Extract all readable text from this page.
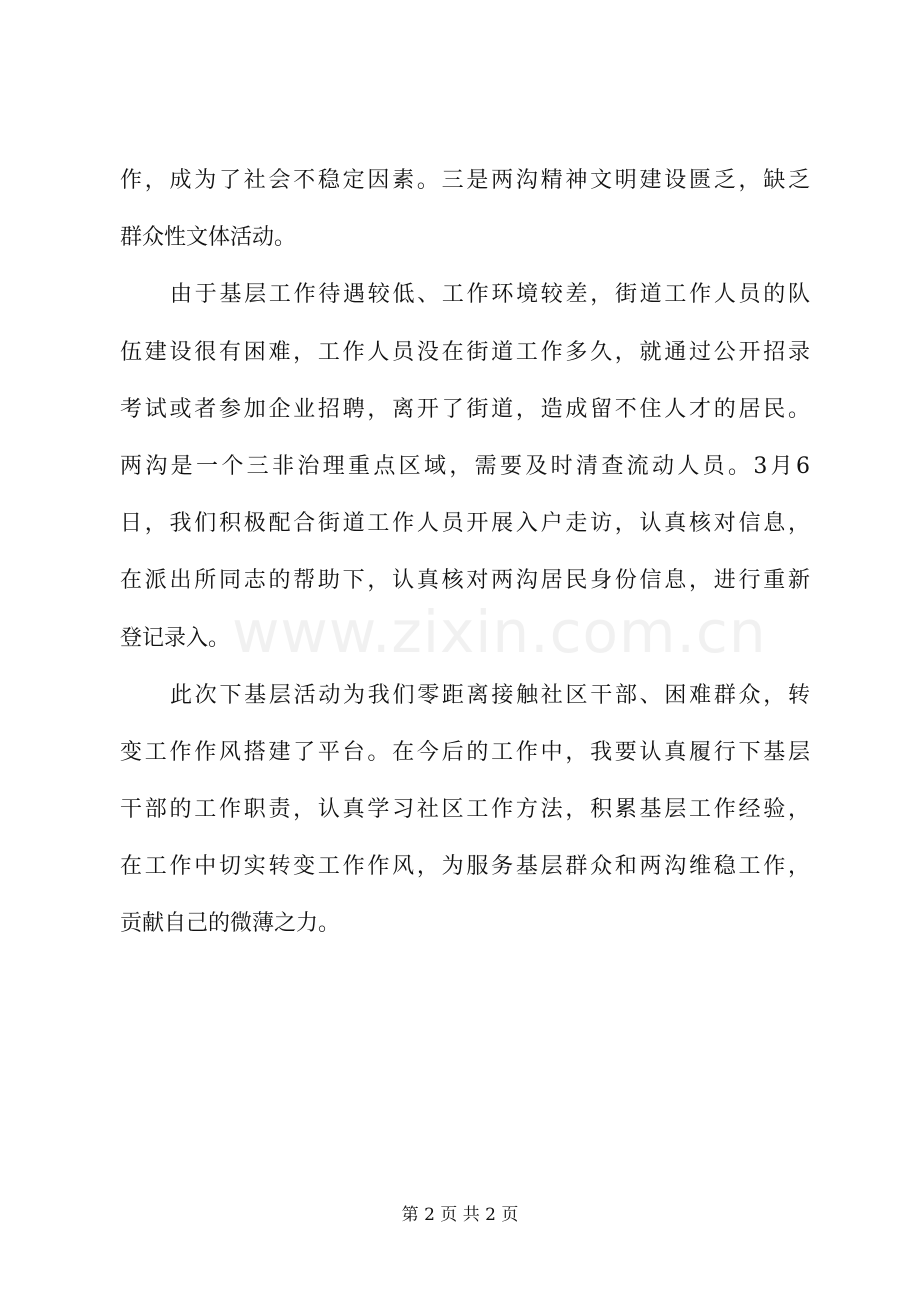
www.zixin.com.cn
作，成为了社会不稳定因素。三是两沟精神文明建设匮乏，缺乏
群众性文体活动。
由于基层工作待遇较低、工作环境较差，街道工作人员的队
伍建设很有困难，工作人员没在街道工作多久，就通过公开招录
考试或者参加企业招聘，离开了街道，造成留不住人才的居民。
两沟是一个三非治理重点区域，需要及时清查流动人员。3月6
日，我们积极配合街道工作人员开展入户走访，认真核对信息，
在派出所同志的帮助下，认真核对两沟居民身份信息，进行重新
登记录入。
此次下基层活动为我们零距离接触社区干部、困难群众，转
变工作作风搭建了平台。在今后的工作中，我要认真履行下基层
干部的工作职责，认真学习社区工作方法，积累基层工作经验，
在工作中切实转变工作作风，为服务基层群众和两沟维稳工作，
贡献自己的微薄之力。
第 2 页 共 2 页
